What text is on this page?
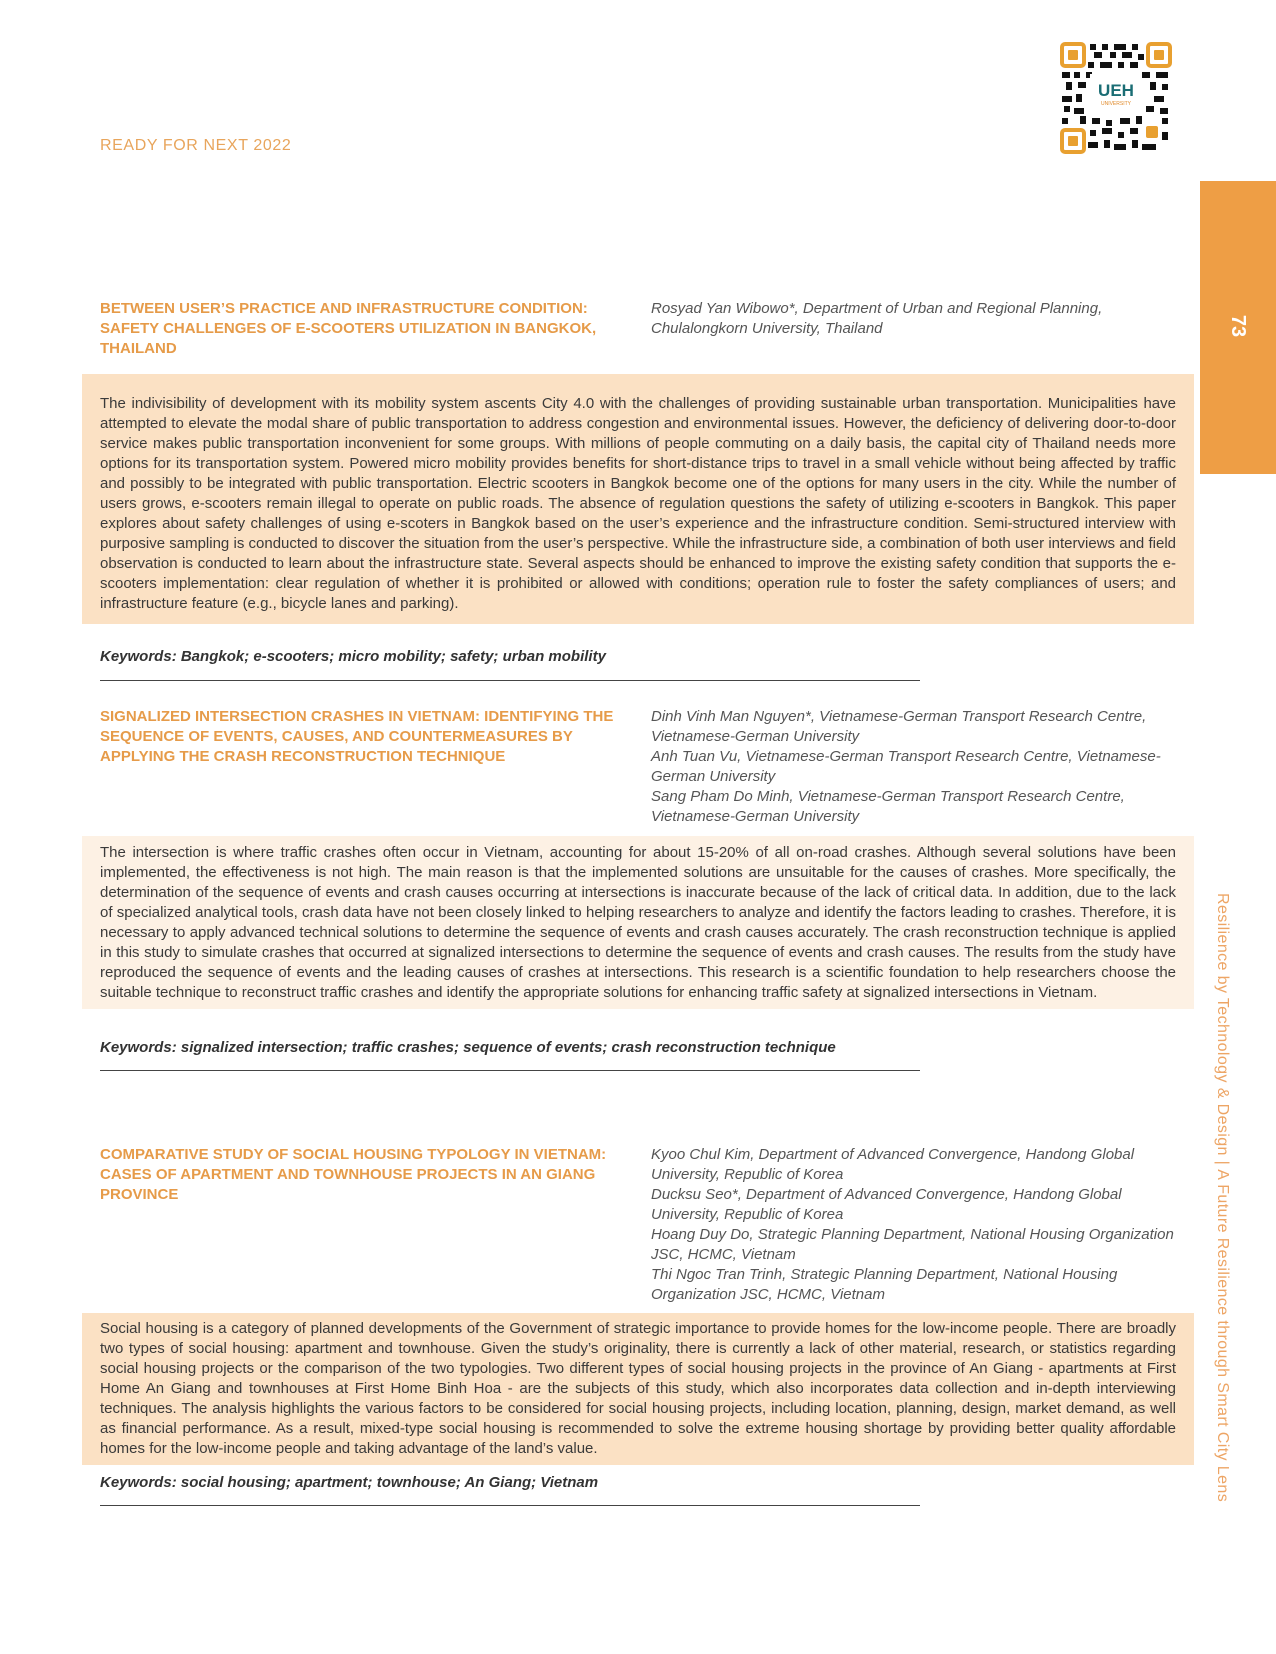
READY FOR NEXT 2022
UEH
UNIVERSITY
73
Resilience by Technology & Design | A Future Resilience through Smart City Lens
BETWEEN USER’S PRACTICE AND INFRASTRUCTURE CONDITION: SAFETY CHALLENGES OF E-SCOOTERS UTILIZATION IN BANGKOK, THAILAND
Rosyad Yan Wibowo*, Department of Urban and Regional Planning, Chulalongkorn University, Thailand

The indivisibility of development with its mobility system ascents City 4.0 with the challenges of providing sustainable urban transportation. Municipalities have attempted to elevate the modal share of public transportation to address congestion and environmental issues. However, the deficiency of delivering door-to-door service makes public transportation inconvenient for some groups. With millions of people commuting on a daily basis, the capital city of Thailand needs more options for its transportation system. Powered micro mobility provides benefits for short-distance trips to travel in a small vehicle without being affected by traffic and possibly to be integrated with public transportation. Electric scooters in Bangkok become one of the options for many users in the city. While the number of users grows, e-scooters remain illegal to operate on public roads. The absence of regulation questions the safety of utilizing e-scooters in Bangkok. This paper explores about safety challenges of using e-scoters in Bangkok based on the user’s experience and the infrastructure condition. Semi-structured interview with purposive sampling is conducted to discover the situation from the user’s perspective. While the infrastructure side, a combination of both user interviews and field observation is conducted to learn about the infrastructure state. Several aspects should be enhanced to improve the existing safety condition that supports the e-scooters implementation: clear regulation of whether it is prohibited or allowed with conditions; operation rule to foster the safety compliances of users; and infrastructure feature (e.g., bicycle lanes and parking).

Keywords: Bangkok; e-scooters; micro mobility; safety; urban mobility
SIGNALIZED INTERSECTION CRASHES IN VIETNAM: IDENTIFYING THE SEQUENCE OF EVENTS, CAUSES, AND COUNTERMEASURES BY APPLYING THE CRASH RECONSTRUCTION TECHNIQUE
Dinh Vinh Man Nguyen*, Vietnamese-German Transport Research Centre, Vietnamese-German University
Anh Tuan Vu, Vietnamese-German Transport Research Centre, Vietnamese-German University
Sang Pham Do Minh, Vietnamese-German Transport Research Centre, Vietnamese-German University

The intersection is where traffic crashes often occur in Vietnam, accounting for about 15-20% of all on-road crashes. Although several solutions have been implemented, the effectiveness is not high. The main reason is that the implemented solutions are unsuitable for the causes of crashes. More specifically, the determination of the sequence of events and crash causes occurring at intersections is inaccurate because of the lack of critical data. In addition, due to the lack of specialized analytical tools, crash data have not been closely linked to helping researchers to analyze and identify the factors leading to crashes. Therefore, it is necessary to apply advanced technical solutions to determine the sequence of events and crash causes accurately. The crash reconstruction technique is applied in this study to simulate crashes that occurred at signalized intersections to determine the sequence of events and crash causes. The results from the study have reproduced the sequence of events and the leading causes of crashes at intersections. This research is a scientific foundation to help researchers choose the suitable technique to reconstruct traffic crashes and identify the appropriate solutions for enhancing traffic safety at signalized intersections in Vietnam.

Keywords: signalized intersection; traffic crashes; sequence of events; crash reconstruction technique
COMPARATIVE STUDY OF SOCIAL HOUSING TYPOLOGY IN VIETNAM: CASES OF APARTMENT AND TOWNHOUSE PROJECTS IN AN GIANG PROVINCE
Kyoo Chul Kim, Department of Advanced Convergence, Handong Global University, Republic of Korea
Ducksu Seo*, Department of Advanced Convergence, Handong Global University, Republic of Korea
Hoang Duy Do, Strategic Planning Department, National Housing Organization JSC, HCMC, Vietnam
Thi Ngoc Tran Trinh, Strategic Planning Department, National Housing Organization JSC, HCMC, Vietnam

Social housing is a category of planned developments of the Government of strategic importance to provide homes for the low-income people. There are broadly two types of social housing: apartment and townhouse. Given the study’s originality, there is currently a lack of other material, research, or statistics regarding social housing projects or the comparison of the two typologies. Two different types of social housing projects in the province of An Giang - apartments at First Home An Giang and townhouses at First Home Binh Hoa - are the subjects of this study, which also incorporates data collection and in-depth interviewing techniques. The analysis highlights the various factors to be considered for social housing projects, including location, planning, design, market demand, as well as financial performance. As a result, mixed-type social housing is recommended to solve the extreme housing shortage by providing better quality affordable homes for the low-income people and taking advantage of the land’s value.

Keywords: social housing; apartment; townhouse; An Giang; Vietnam
